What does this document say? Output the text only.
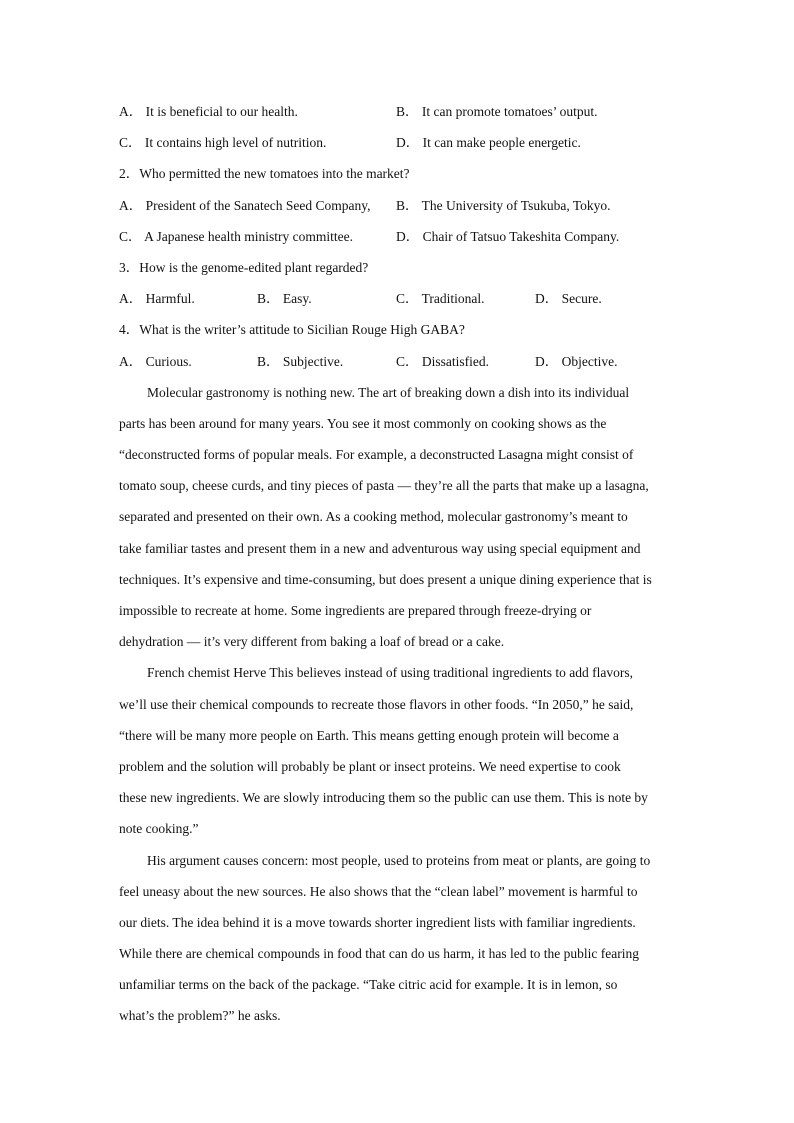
A． It is beneficial to our health.	B． It can promote tomatoes’ output.
C． It contains high level of nutrition.	D． It can make people energetic.
2．Who permitted the new tomatoes into the market?
A． President of the Sanatech Seed Company, B． The University of Tsukuba, Tokyo.
C． A Japanese health ministry committee.	D． Chair of Tatsuo Takeshita Company.
3．How is the genome-edited plant regarded?
A． Harmful.	B． Easy.	C． Traditional.	D． Secure.
4．What is the writer’s attitude to Sicilian Rouge High GABA?
A． Curious.	B． Subjective.	C． Dissatisfied.	D． Objective.
Molecular gastronomy is nothing new. The art of breaking down a dish into its individual
parts has been around for many years. You see it most commonly on cooking shows as the
“deconstructed forms of popular meals. For example, a deconstructed Lasagna might consist of
tomato soup, cheese curds, and tiny pieces of pasta — they’re all the parts that make up a lasagna,
separated and presented on their own. As a cooking method, molecular gastronomy’s meant to
take familiar tastes and present them in a new and adventurous way using special equipment and
techniques. It’s expensive and time-consuming, but does present a unique dining experience that is
impossible to recreate at home. Some ingredients are prepared through freeze-drying or
dehydration — it’s very different from baking a loaf of bread or a cake.
French chemist Herve This believes instead of using traditional ingredients to add flavors,
we’ll use their chemical compounds to recreate those flavors in other foods. “In 2050,” he said,
“there will be many more people on Earth. This means getting enough protein will become a
problem and the solution will probably be plant or insect proteins. We need expertise to cook
these new ingredients. We are slowly introducing them so the public can use them. This is note by
note cooking.”
His argument causes concern: most people, used to proteins from meat or plants, are going to
feel uneasy about the new sources. He also shows that the “clean label” movement is harmful to
our diets. The idea behind it is a move towards shorter ingredient lists with familiar ingredients.
While there are chemical compounds in food that can do us harm, it has led to the public fearing
unfamiliar terms on the back of the package. “Take citric acid for example. It is in lemon, so
what’s the problem?” he asks.
